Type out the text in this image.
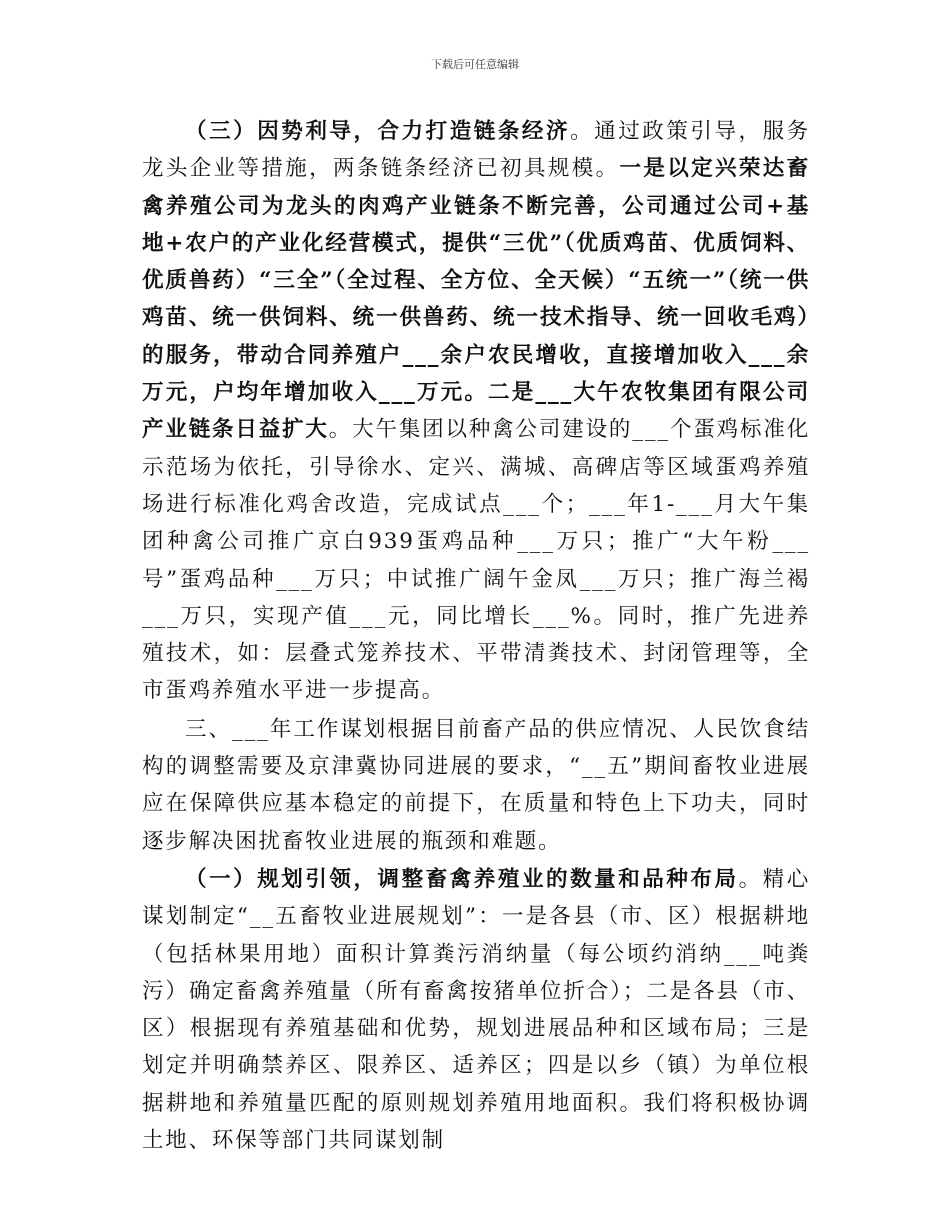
下载后可任意编辑

（三）因势利导，合力打造链条经济。通过政策引导，服务龙头企业等措施，两条链条经济已初具规模。一是以定兴荣达畜禽养殖公司为龙头的肉鸡产业链条不断完善，公司通过公司+基地+农户的产业化经营模式，提供“三优”（优质鸡苗、优质饲料、优质兽药）“三全”（全过程、全方位、全天候）“五统一”（统一供鸡苗、统一供饲料、统一供兽药、统一技术指导、统一回收毛鸡）的服务，带动合同养殖户___余户农民增收，直接增加收入___余万元，户均年增加收入___万元。二是___大午农牧集团有限公司产业链条日益扩大。大午集团以种禽公司建设的___个蛋鸡标准化示范场为依托，引导徐水、定兴、满城、高碑店等区域蛋鸡养殖场进行标准化鸡舍改造，完成试点___个；___年1-___月大午集团种禽公司推广京白939蛋鸡品种___万只；推广“大午粉___号”蛋鸡品种___万只；中试推广阔午金凤___万只；推广海兰褐___万只，实现产值___元，同比增长___%。同时，推广先进养殖技术，如：层叠式笼养技术、平带清粪技术、封闭管理等，全市蛋鸡养殖水平进一步提高。

三、___年工作谋划根据目前畜产品的供应情况、人民饮食结构的调整需要及京津冀协同进展的要求，“__五”期间畜牧业进展应在保障供应基本稳定的前提下，在质量和特色上下功夫，同时逐步解决困扰畜牧业进展的瓶颈和难题。

（一）规划引领，调整畜禽养殖业的数量和品种布局。精心谋划制定“__五畜牧业进展规划”：一是各县（市、区）根据耕地（包括林果用地）面积计算粪污消纳量（每公顷约消纳___吨粪污）确定畜禽养殖量（所有畜禽按猪单位折合）；二是各县（市、区）根据现有养殖基础和优势，规划进展品种和区域布局；三是划定并明确禁养区、限养区、适养区；四是以乡（镇）为单位根据耕地和养殖量匹配的原则规划养殖用地面积。我们将积极协调土地、环保等部门共同谋划制
